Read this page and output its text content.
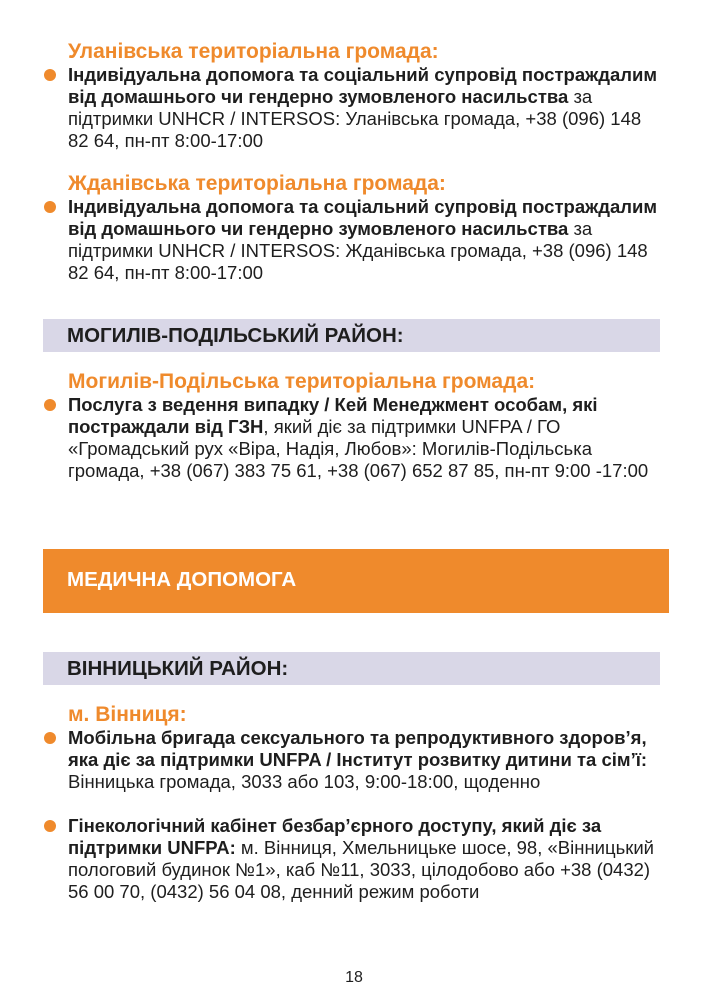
Уланівська територіальна громада:
Індивідуальна допомога та соціальний супровід постраждалим від домашнього чи гендерно зумовленого насильства за підтримки UNHCR / INTERSOS: Уланівська громада, +38 (096) 148 82 64, пн-пт 8:00-17:00
Жданівська територіальна громада:
Індивідуальна допомога та соціальний супровід постраждалим від домашнього чи гендерно зумовленого насильства за підтримки UNHCR / INTERSOS: Жданівська громада, +38 (096) 148 82 64, пн-пт 8:00-17:00
МОГИЛІВ-ПОДІЛЬСЬКИЙ РАЙОН:
Могилів-Подільська територіальна громада:
Послуга з ведення випадку / Кей Менеджмент особам, які постраждали від ГЗН, який діє за підтримки UNFPA / ГО «Громадський рух «Віра, Надія, Любов»: Могилів-Подільська громада, +38 (067) 383 75 61, +38 (067) 652 87 85, пн-пт 9:00 -17:00
МЕДИЧНА ДОПОМОГА
ВІННИЦЬКИЙ РАЙОН:
м. Вінниця:
Мобільна бригада сексуального та репродуктивного здоров’я, яка діє за підтримки UNFPA / Інститут розвитку дитини та сім’ї: Вінницька громада, 3033 або 103, 9:00-18:00, щоденно
Гінекологічний кабінет безбар’єрного доступу, який діє за підтримки UNFPA: м. Вінниця, Хмельницьке шосе, 98, «Вінницький пологовий будинок №1», каб №11, 3033, цілодобово або +38 (0432) 56 00 70, (0432) 56 04 08, денний режим роботи
18
